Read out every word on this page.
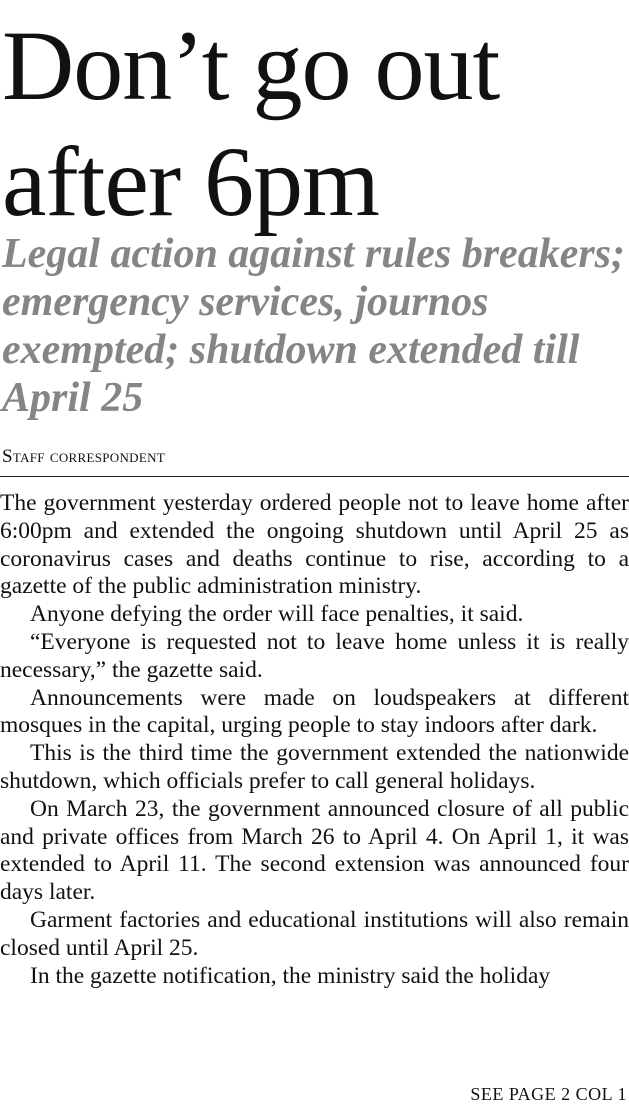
Don’t go out after 6pm
Legal action against rules breakers; emergency services, journos exempted; shutdown extended till April 25
Staff correspondent

The government yesterday ordered people not to leave home after 6:00pm and extended the ongoing shutdown until April 25 as coronavirus cases and deaths continue to rise, according to a gazette of the public administration ministry.

Anyone defying the order will face penalties, it said.

“Everyone is requested not to leave home unless it is really necessary,” the gazette said.

Announcements were made on loudspeakers at different mosques in the capital, urging people to stay indoors after dark.

This is the third time the government extended the nationwide shutdown, which officials prefer to call general holidays.

On March 23, the government announced closure of all public and private offices from March 26 to April 4. On April 1, it was extended to April 11. The second extension was announced four days later.

Garment factories and educational institutions will also remain closed until April 25.

In the gazette notification, the ministry said the holiday

SEE PAGE 2 COL 1
